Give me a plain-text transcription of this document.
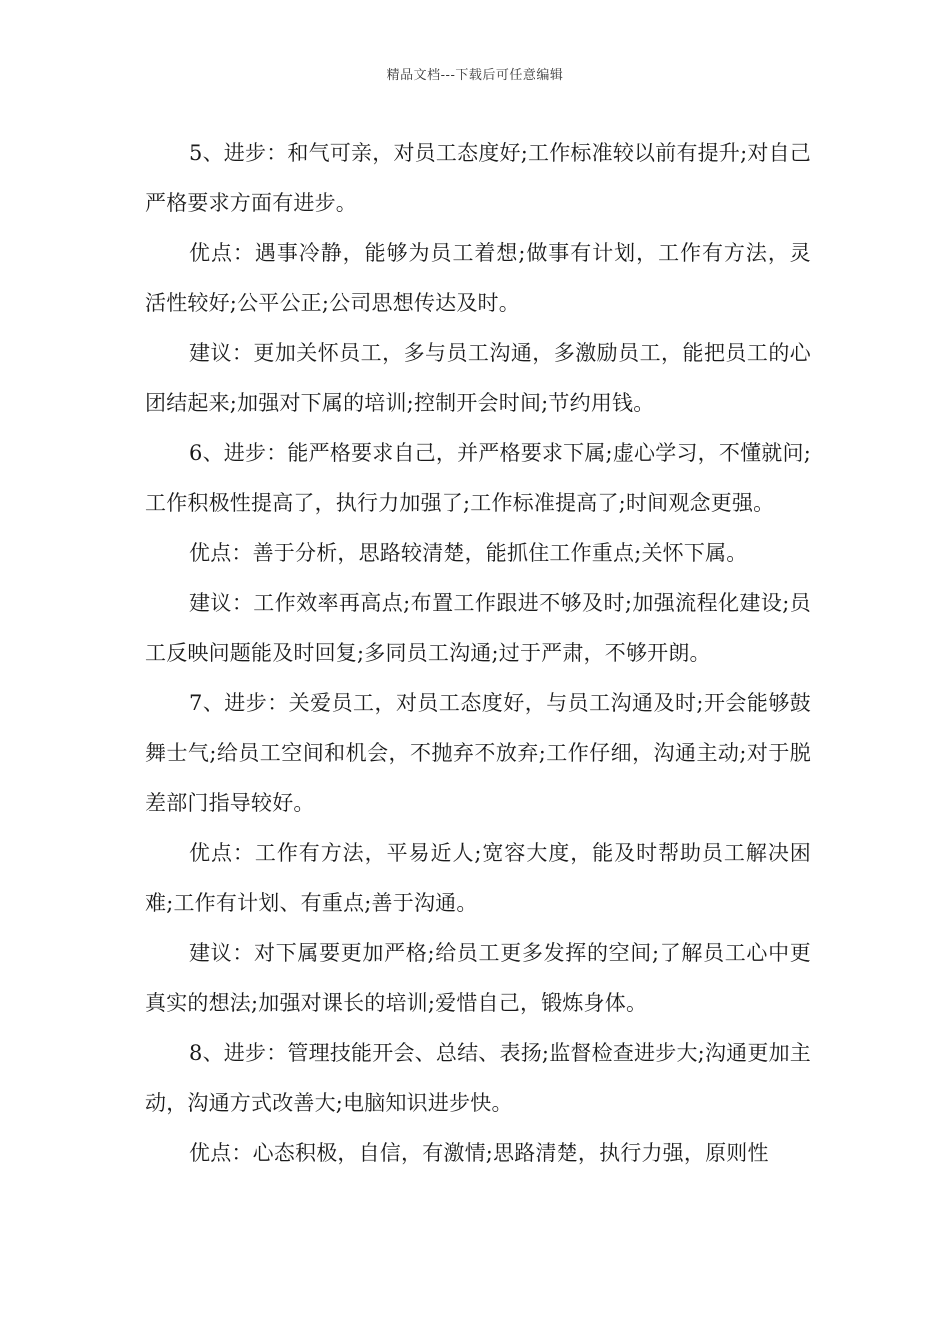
精品文档---下载后可任意编辑

5、进步：和气可亲，对员工态度好;工作标准较以前有提升;对自己严格要求方面有进步。

优点：遇事冷静，能够为员工着想;做事有计划，工作有方法，灵活性较好;公平公正;公司思想传达及时。

建议：更加关怀员工，多与员工沟通，多激励员工，能把员工的心团结起来;加强对下属的培训;控制开会时间;节约用钱。

6、进步：能严格要求自己，并严格要求下属;虚心学习，不懂就问;工作积极性提高了，执行力加强了;工作标准提高了;时间观念更强。

优点：善于分析，思路较清楚，能抓住工作重点;关怀下属。

建议：工作效率再高点;布置工作跟进不够及时;加强流程化建设;员工反映问题能及时回复;多同员工沟通;过于严肃，不够开朗。

7、进步：关爱员工，对员工态度好，与员工沟通及时;开会能够鼓舞士气;给员工空间和机会，不抛弃不放弃;工作仔细，沟通主动;对于脱差部门指导较好。

优点：工作有方法，平易近人;宽容大度，能及时帮助员工解决困难;工作有计划、有重点;善于沟通。

建议：对下属要更加严格;给员工更多发挥的空间;了解员工心中更真实的想法;加强对课长的培训;爱惜自己，锻炼身体。

8、进步：管理技能开会、总结、表扬;监督检查进步大;沟通更加主动，沟通方式改善大;电脑知识进步快。

优点：心态积极，自信，有激情;思路清楚，执行力强，原则性
